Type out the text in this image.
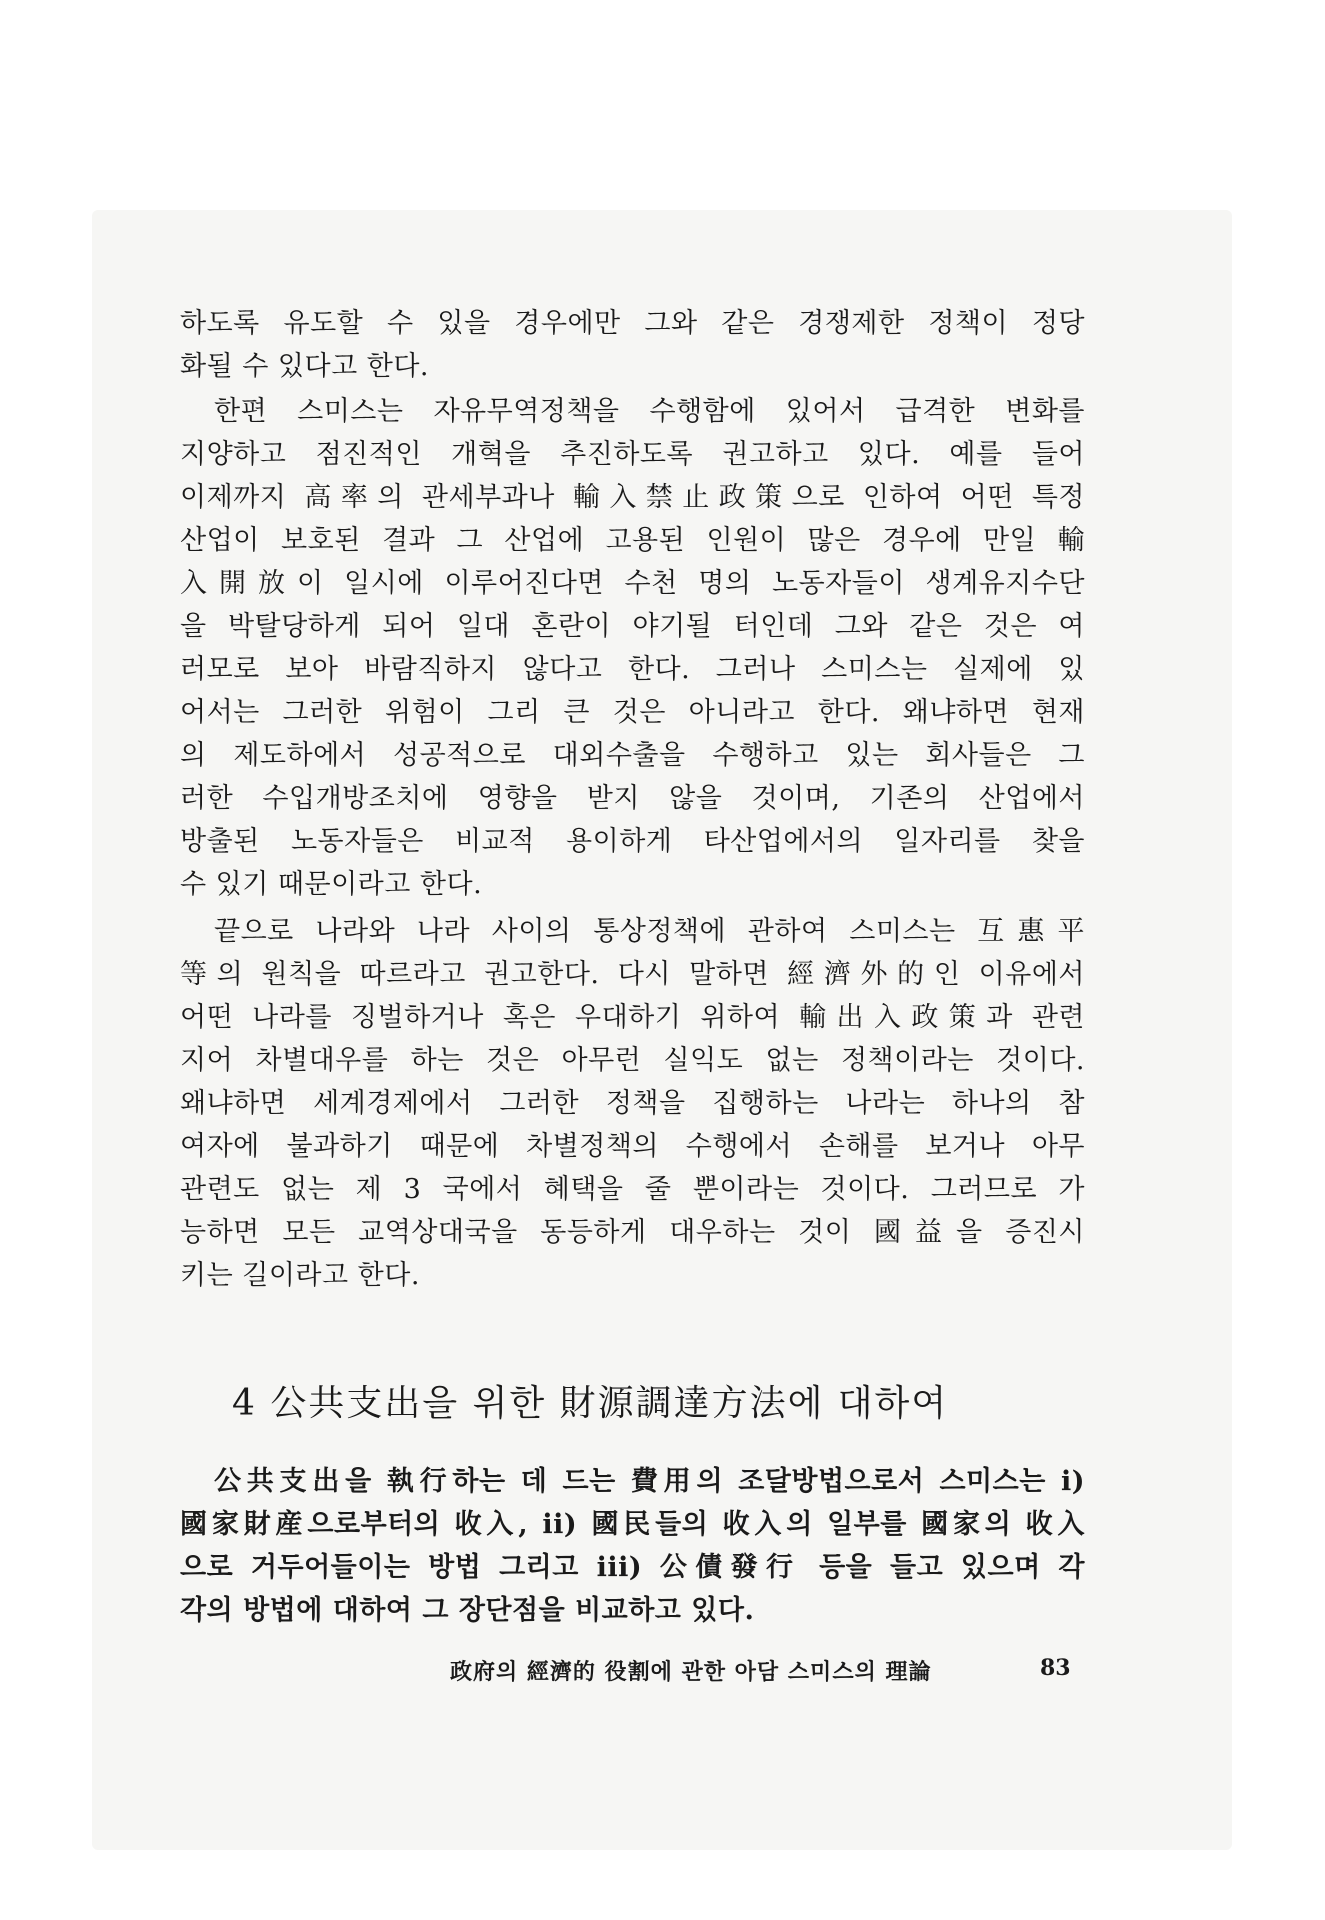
하도록 유도할 수 있을 경우에만 그와 같은 경쟁제한 정책이 정당
화될 수 있다고 한다.
한편 스미스는 자유무역정책을 수행함에 있어서 급격한 변화를
지양하고 점진적인 개혁을 추진하도록 권고하고 있다. 예를 들어
이제까지 高率의 관세부과나 輸入禁止政策으로 인하여 어떤 특정
산업이 보호된 결과 그 산업에 고용된 인원이 많은 경우에 만일 輸
入開放이 일시에 이루어진다면 수천 명의 노동자들이 생계유지수단
을 박탈당하게 되어 일대 혼란이 야기될 터인데 그와 같은 것은 여
러모로 보아 바람직하지 않다고 한다. 그러나 스미스는 실제에 있
어서는 그러한 위험이 그리 큰 것은 아니라고 한다. 왜냐하면 현재
의 제도하에서 성공적으로 대외수출을 수행하고 있는 회사들은 그
러한 수입개방조치에 영향을 받지 않을 것이며, 기존의 산업에서
방출된 노동자들은 비교적 용이하게 타산업에서의 일자리를 찾을
수 있기 때문이라고 한다.
끝으로 나라와 나라 사이의 통상정책에 관하여 스미스는 互惠平
等의 원칙을 따르라고 권고한다. 다시 말하면 經濟外的인 이유에서
어떤 나라를 징벌하거나 혹은 우대하기 위하여 輸出入政策과 관련
지어 차별대우를 하는 것은 아무런 실익도 없는 정책이라는 것이다.
왜냐하면 세계경제에서 그러한 정책을 집행하는 나라는 하나의 참
여자에 불과하기 때문에 차별정책의 수행에서 손해를 보거나 아무
관련도 없는 제 3 국에서 혜택을 줄 뿐이라는 것이다. 그러므로 가
능하면 모든 교역상대국을 동등하게 대우하는 것이 國益을 증진시
키는 길이라고 한다.
4 公共支出을 위한 財源調達方法에 대하여
公共支出을 執行하는 데 드는 費用의 조달방법으로서 스미스는 i)
國家財産으로부터의 收入, ii) 國民들의 收入의 일부를 國家의 收入
으로 거두어들이는 방법 그리고 iii) 公債發行 등을 들고 있으며 각
각의 방법에 대하여 그 장단점을 비교하고 있다.
政府의 經濟的 役割에 관한 아담 스미스의 理論	83
